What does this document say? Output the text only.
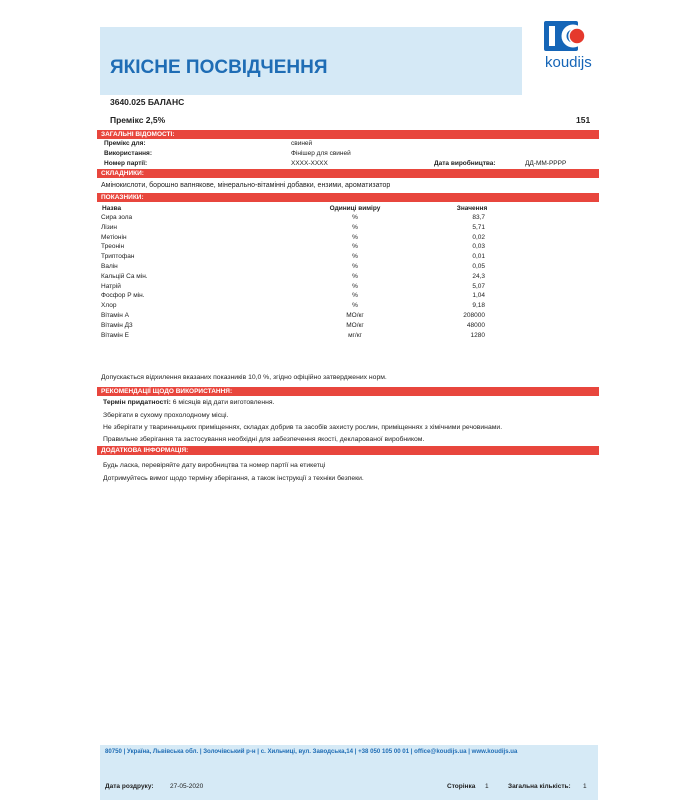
ЯКІСНЕ ПОСВІДЧЕННЯ	koudijs
3640.025 БАЛАНС
Премікс 2,5%	151
ЗАГАЛЬНІ ВІДОМОСТІ:
Премікс для:	свиней
Використання:	Фінішер для свиней
Номер партії:	XXXX-XXXX	Дата виробництва:	ДД-ММ-РРРР
СКЛАДНИКИ:
Амінокислоти, борошно вапнякове, мінерально-вітамінні добавки, ензими, ароматизатор
ПОКАЗНИКИ:
Назва	Одиниці виміру	Значення
Сира зола	%	83,7
Лізин	%	5,71
Метіонін	%	0,02
Треонін	%	0,03
Триптофан	%	0,01
Валін	%	0,05
Кальцій Ca мін.	%	24,3
Натрій	%	5,07
Фосфор P мін.	%	1,04
Хлор	%	9,18
Вітамін А	МО/кг	208000
Вітамін Д3	МО/кг	48000
Вітамін Е	мг/кг	1280
Допускається відхилення вказаних показників 10,0 %, згідно офіційно затверджених норм.
РЕКОМЕНДАЦІЇ ЩОДО ВИКОРИСТАННЯ:
Термін придатності: 6 місяців від дати виготовлення.
Зберігати в сухому прохолодному місці.
Не зберігати у тваринницьких приміщеннях, складах добрив та засобів захисту рослин, приміщеннях з хімічними речовинами.
Правильне зберігання та застосування необхідні для забезпечення якості, декларованої виробником.
ДОДАТКОВА ІНФОРМАЦІЯ:
Будь ласка, перевіряйте дату виробництва та номер партії на етикетці
Дотримуйтесь вимог щодо терміну зберігання, а також інструкції з техніки безпеки.
80750 | Україна, Львівська обл. | Золочівський р-н | с. Хильчиці, вул. Заводська,14 | +38 050 105 00 01 | office@koudijs.ua | www.koudijs.ua
Дата роздруку:	27-05-2020	Сторінка 1	Загальна кількість: 1
